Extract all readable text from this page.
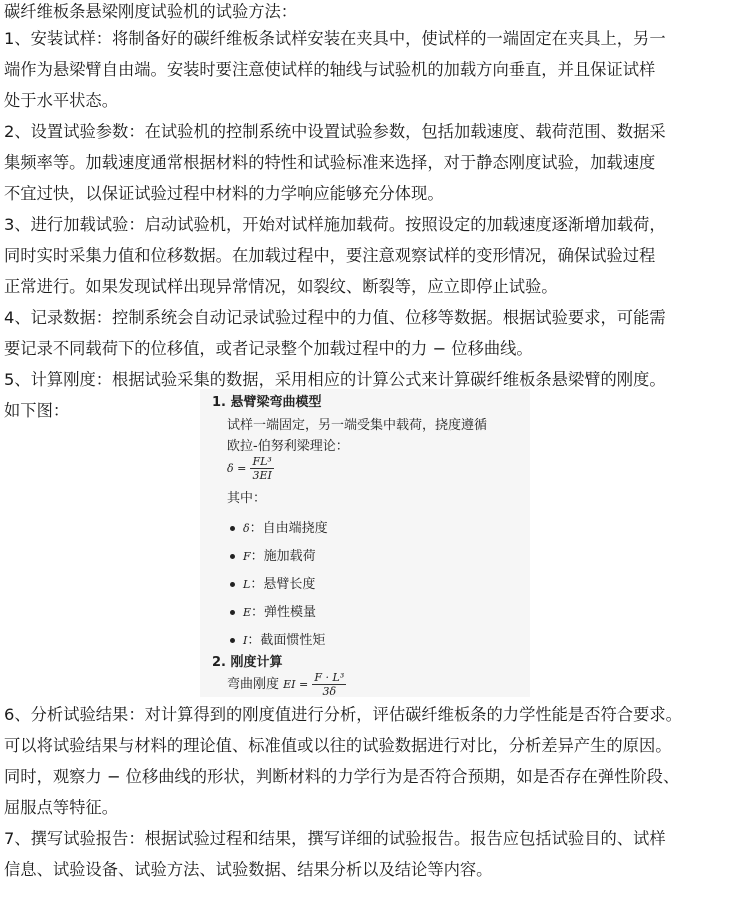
碳纤维板条悬梁刚度试验机的试验方法：
1、安装试样：将制备好的碳纤维板条试样安装在夹具中，使试样的一端固定在夹具上，另一
端作为悬梁臂自由端。安装时要注意使试样的轴线与试验机的加载方向垂直，并且保证试样
处于水平状态。
2、设置试验参数：在试验机的控制系统中设置试验参数，包括加载速度、载荷范围、数据采
集频率等。加载速度通常根据材料的特性和试验标准来选择，对于静态刚度试验，加载速度
不宜过快，以保证试验过程中材料的力学响应能够充分体现。
3、进行加载试验：启动试验机，开始对试样施加载荷。按照设定的加载速度逐渐增加载荷，
同时实时采集力值和位移数据。在加载过程中，要注意观察试样的变形情况，确保试验过程
正常进行。如果发现试样出现异常情况，如裂纹、断裂等，应立即停止试验。
4、记录数据：控制系统会自动记录试验过程中的力值、位移等数据。根据试验要求，可能需
要记录不同载荷下的位移值，或者记录整个加载过程中的力 − 位移曲线。
5、计算刚度：根据试验采集的数据，采用相应的计算公式来计算碳纤维板条悬梁臂的刚度。
如下图：	1. 悬臂梁弯曲模型
试样一端固定，另一端受集中载荷，挠度遵循
欧拉-伯努利梁理论：
$\delta = \frac{\text{FL³}}{3EI}$
其中：
δ：自由端挠度
F：施加载荷
L：悬臂长度
E：弹性模量
I：截面惯性矩
2. 刚度计算
弯曲刚度 EI = $\frac{\text{F · L³}}{3\delta}$
6、分析试验结果：对计算得到的刚度值进行分析，评估碳纤维板条的力学性能是否符合要求。
可以将试验结果与材料的理论值、标准值或以往的试验数据进行对比，分析差异产生的原因。
同时，观察力 − 位移曲线的形状，判断材料的力学行为是否符合预期，如是否存在弹性阶段、
屈服点等特征。
7、撰写试验报告：根据试验过程和结果，撰写详细的试验报告。报告应包括试验目的、试样
信息、试验设备、试验方法、试验数据、结果分析以及结论等内容。
